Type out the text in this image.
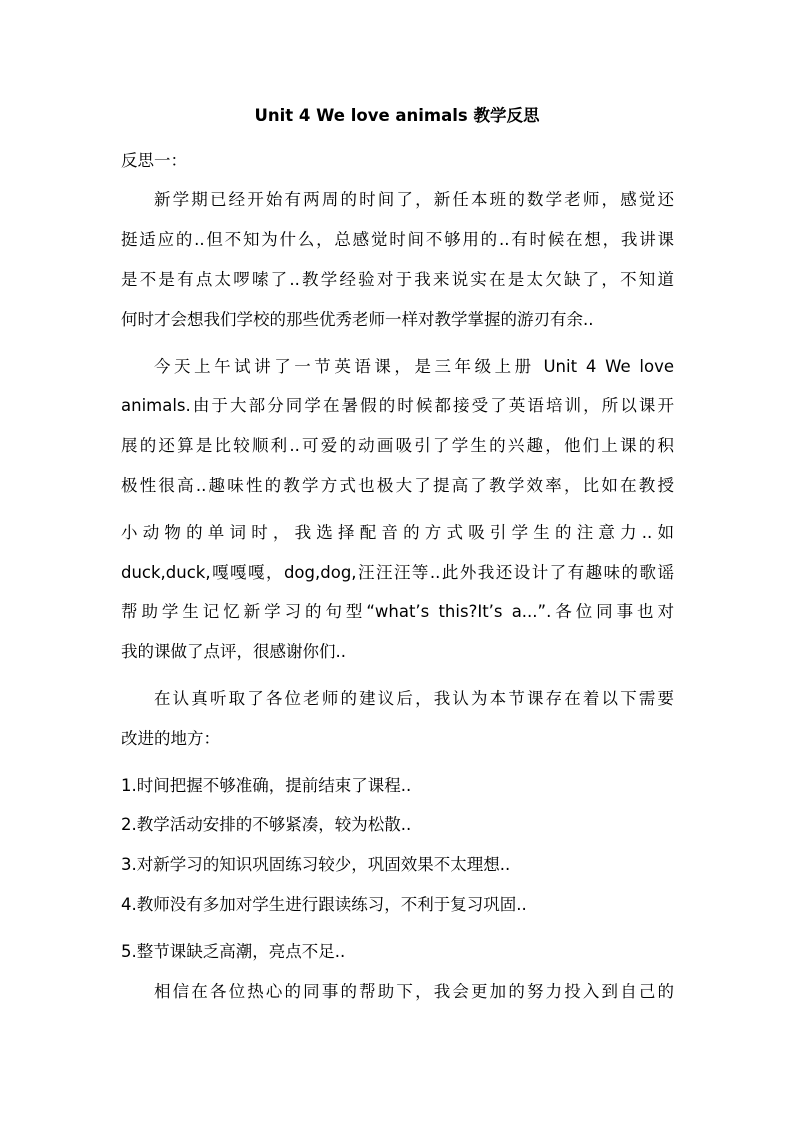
Unit 4 We love animals 教学反思
反思一：
新学期已经开始有两周的时间了，新任本班的数学老师，感觉还
挺适应的..但不知为什么，总感觉时间不够用的..有时候在想，我讲课
是不是有点太啰嗦了..教学经验对于我来说实在是太欠缺了，不知道
何时才会想我们学校的那些优秀老师一样对教学掌握的游刃有余..
今天上午试讲了一节英语课，是三年级上册 Unit 4 We love
animals.由于大部分同学在暑假的时候都接受了英语培训，所以课开
展的还算是比较顺利..可爱的动画吸引了学生的兴趣，他们上课的积
极性很高..趣味性的教学方式也极大了提高了教学效率，比如在教授
小动物的单词时，我选择配音的方式吸引学生的注意力..如
duck,duck,嘎嘎嘎，dog,dog,汪汪汪等..此外我还设计了有趣味的歌谣
帮助学生记忆新学习的句型“what’s this?It’s a...”.各位同事也对
我的课做了点评，很感谢你们..
在认真听取了各位老师的建议后，我认为本节课存在着以下需要
改进的地方：
1.时间把握不够准确，提前结束了课程..
2.教学活动安排的不够紧凑，较为松散..
3.对新学习的知识巩固练习较少，巩固效果不太理想..
4.教师没有多加对学生进行跟读练习，不利于复习巩固..
5.整节课缺乏高潮，亮点不足..
相信在各位热心的同事的帮助下，我会更加的努力投入到自己的
